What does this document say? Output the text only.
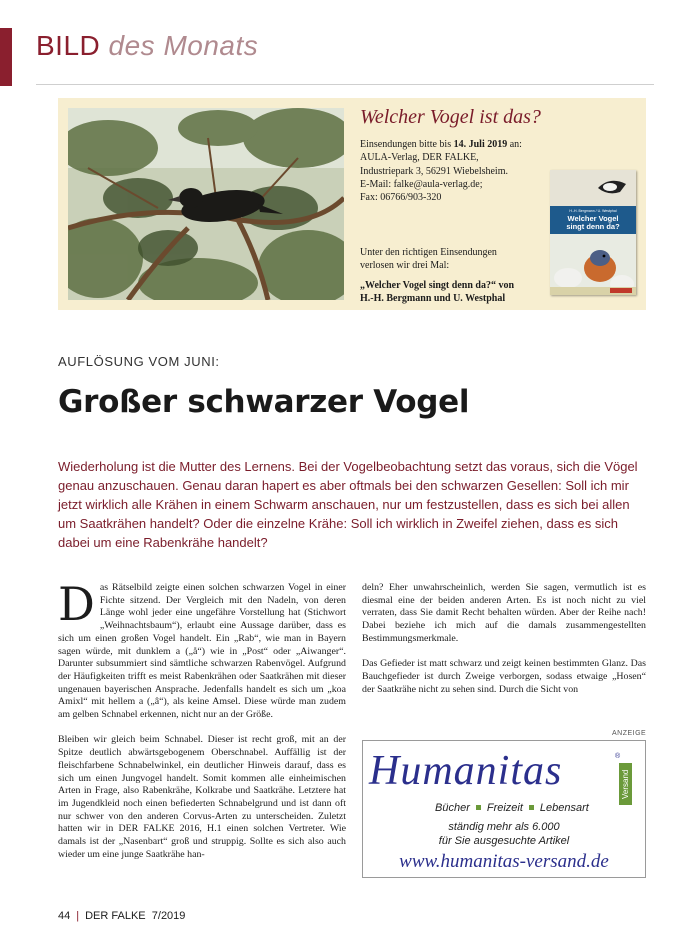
BILD des Monats
Welcher Vogel ist das?
Einsendungen bitte bis 14. Juli 2019 an:
AULA-Verlag, DER FALKE,
Industriepark 3, 56291 Wiebelsheim.
E-Mail: falke@aula-verlag.de;
Fax: 06766/903-320
Unter den richtigen Einsendungen
verlosen wir drei Mal:
„Welcher Vogel singt denn da?“ von
H.-H. Bergmann und U. Westphal
H.-H. Bergmann / U. Westphal
Welcher Vogel
singt denn da?
AUFLÖSUNG VOM JUNI:
Großer schwarzer Vogel
Wiederholung ist die Mutter des Lernens. Bei der Vogelbeobachtung setzt das voraus, sich die Vögel genau anzuschauen. Genau daran hapert es aber oftmals bei den schwarzen Gesellen: Soll ich mir jetzt wirklich alle Krähen in einem Schwarm anschauen, nur um festzustellen, dass es sich bei allen um Saatkrähen handelt? Oder die einzelne Krähe: Soll ich wirklich in Zweifel ziehen, dass es sich dabei um eine Rabenkrähe handelt?

Das Rätselbild zeigte einen solchen schwarzen Vogel in einer Fichte sitzend. Der Vergleich mit den Nadeln, von deren Länge wohl jeder eine ungefähre Vorstellung hat (Stichwort „Weihnachtsbaum“), erlaubt eine Aussage darüber, dass es sich um einen großen Vogel handelt. Ein „Rab“, wie man in Bayern sagen würde, mit dunklem a („å“) wie in „Post“ oder „Aiwanger“. Darunter subsummiert sind sämtliche schwarzen Rabenvögel. Aufgrund der Häufigkeiten trifft es meist Rabenkrähen oder Saatkrähen mit dieser ungenauen bayerischen Ansprache. Jedenfalls handelt es sich um „koa Amixl“ mit hellem a („â“), als keine Amsel. Diese würde man zudem am gelben Schnabel erkennen, nicht nur an der Größe.

Bleiben wir gleich beim Schnabel. Dieser ist recht groß, mit an der Spitze deutlich abwärtsgebogenem Oberschnabel. Auffällig ist der fleischfarbene Schnabelwinkel, ein deutlicher Hinweis darauf, dass es sich um einen Jungvogel handelt. Somit kommen alle einheimischen Arten in Frage, also Rabenkrähe, Kolkrabe und Saatkrähe. Letztere hat im Jugendkleid noch einen befiederten Schnabelgrund und ist dann oft nur schwer von den anderen Corvus-Arten zu unterscheiden. Zuletzt hatten wir in DER FALKE 2016, H.1 einen solchen Vertreter. Wie damals ist der „Nasenbart“ groß und struppig. Sollte es sich also auch wieder um eine junge Saatkrähe han-

deln? Eher unwahrscheinlich, werden Sie sagen, vermutlich ist es diesmal eine der beiden anderen Arten. Es ist noch nicht zu viel verraten, dass Sie damit Recht behalten würden. Aber der Reihe nach! Dabei beziehe ich mich auf die damals zusammengestellten Bestimmungsmerkmale.

Das Gefieder ist matt schwarz und zeigt keinen bestimmten Glanz. Das Bauchgefieder ist durch Zweige verborgen, sodass etwaige „Hosen“ der Saatkrähe nicht zu sehen sind. Durch die Sicht von

ANZEIGE
Humanitas	®
Versand
Bücher Freizeit Lebensart
ständig mehr als 6.000
für Sie ausgesuchte Artikel
www.humanitas-versand.de
44 | DER FALKE 7/2019
